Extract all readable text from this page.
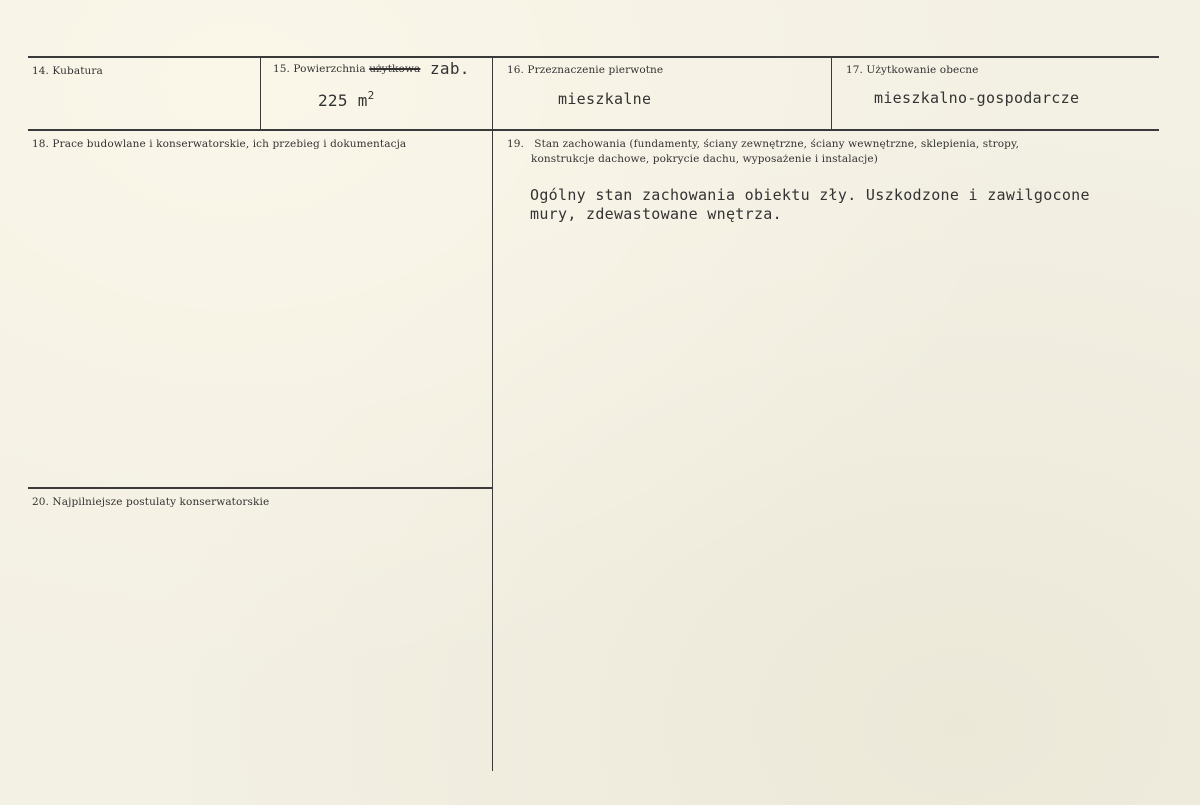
14. Kubatura	15. Powierzchnia użytkowa zab.
225 $m^2$
16. Przeznaczenie pierwotne
mieszkalne
17. Użytkowanie obecne
mieszkalno-gospodarcze
18. Prace budowlane i konserwatorskie, ich przebieg i dokumentacja	19.   Stan zachowania (fundamenty, ściany zewnętrzne, ściany wewnętrzne, sklepienia, stropy,
konstrukcje dachowe, pokrycie dachu, wyposażenie i instalacje)
Ogólny stan zachowania obiektu zły. Uszkodzone i zawilgocone
mury, zdewastowane wnętrza.
20. Najpilniejsze postulaty konserwatorskie
